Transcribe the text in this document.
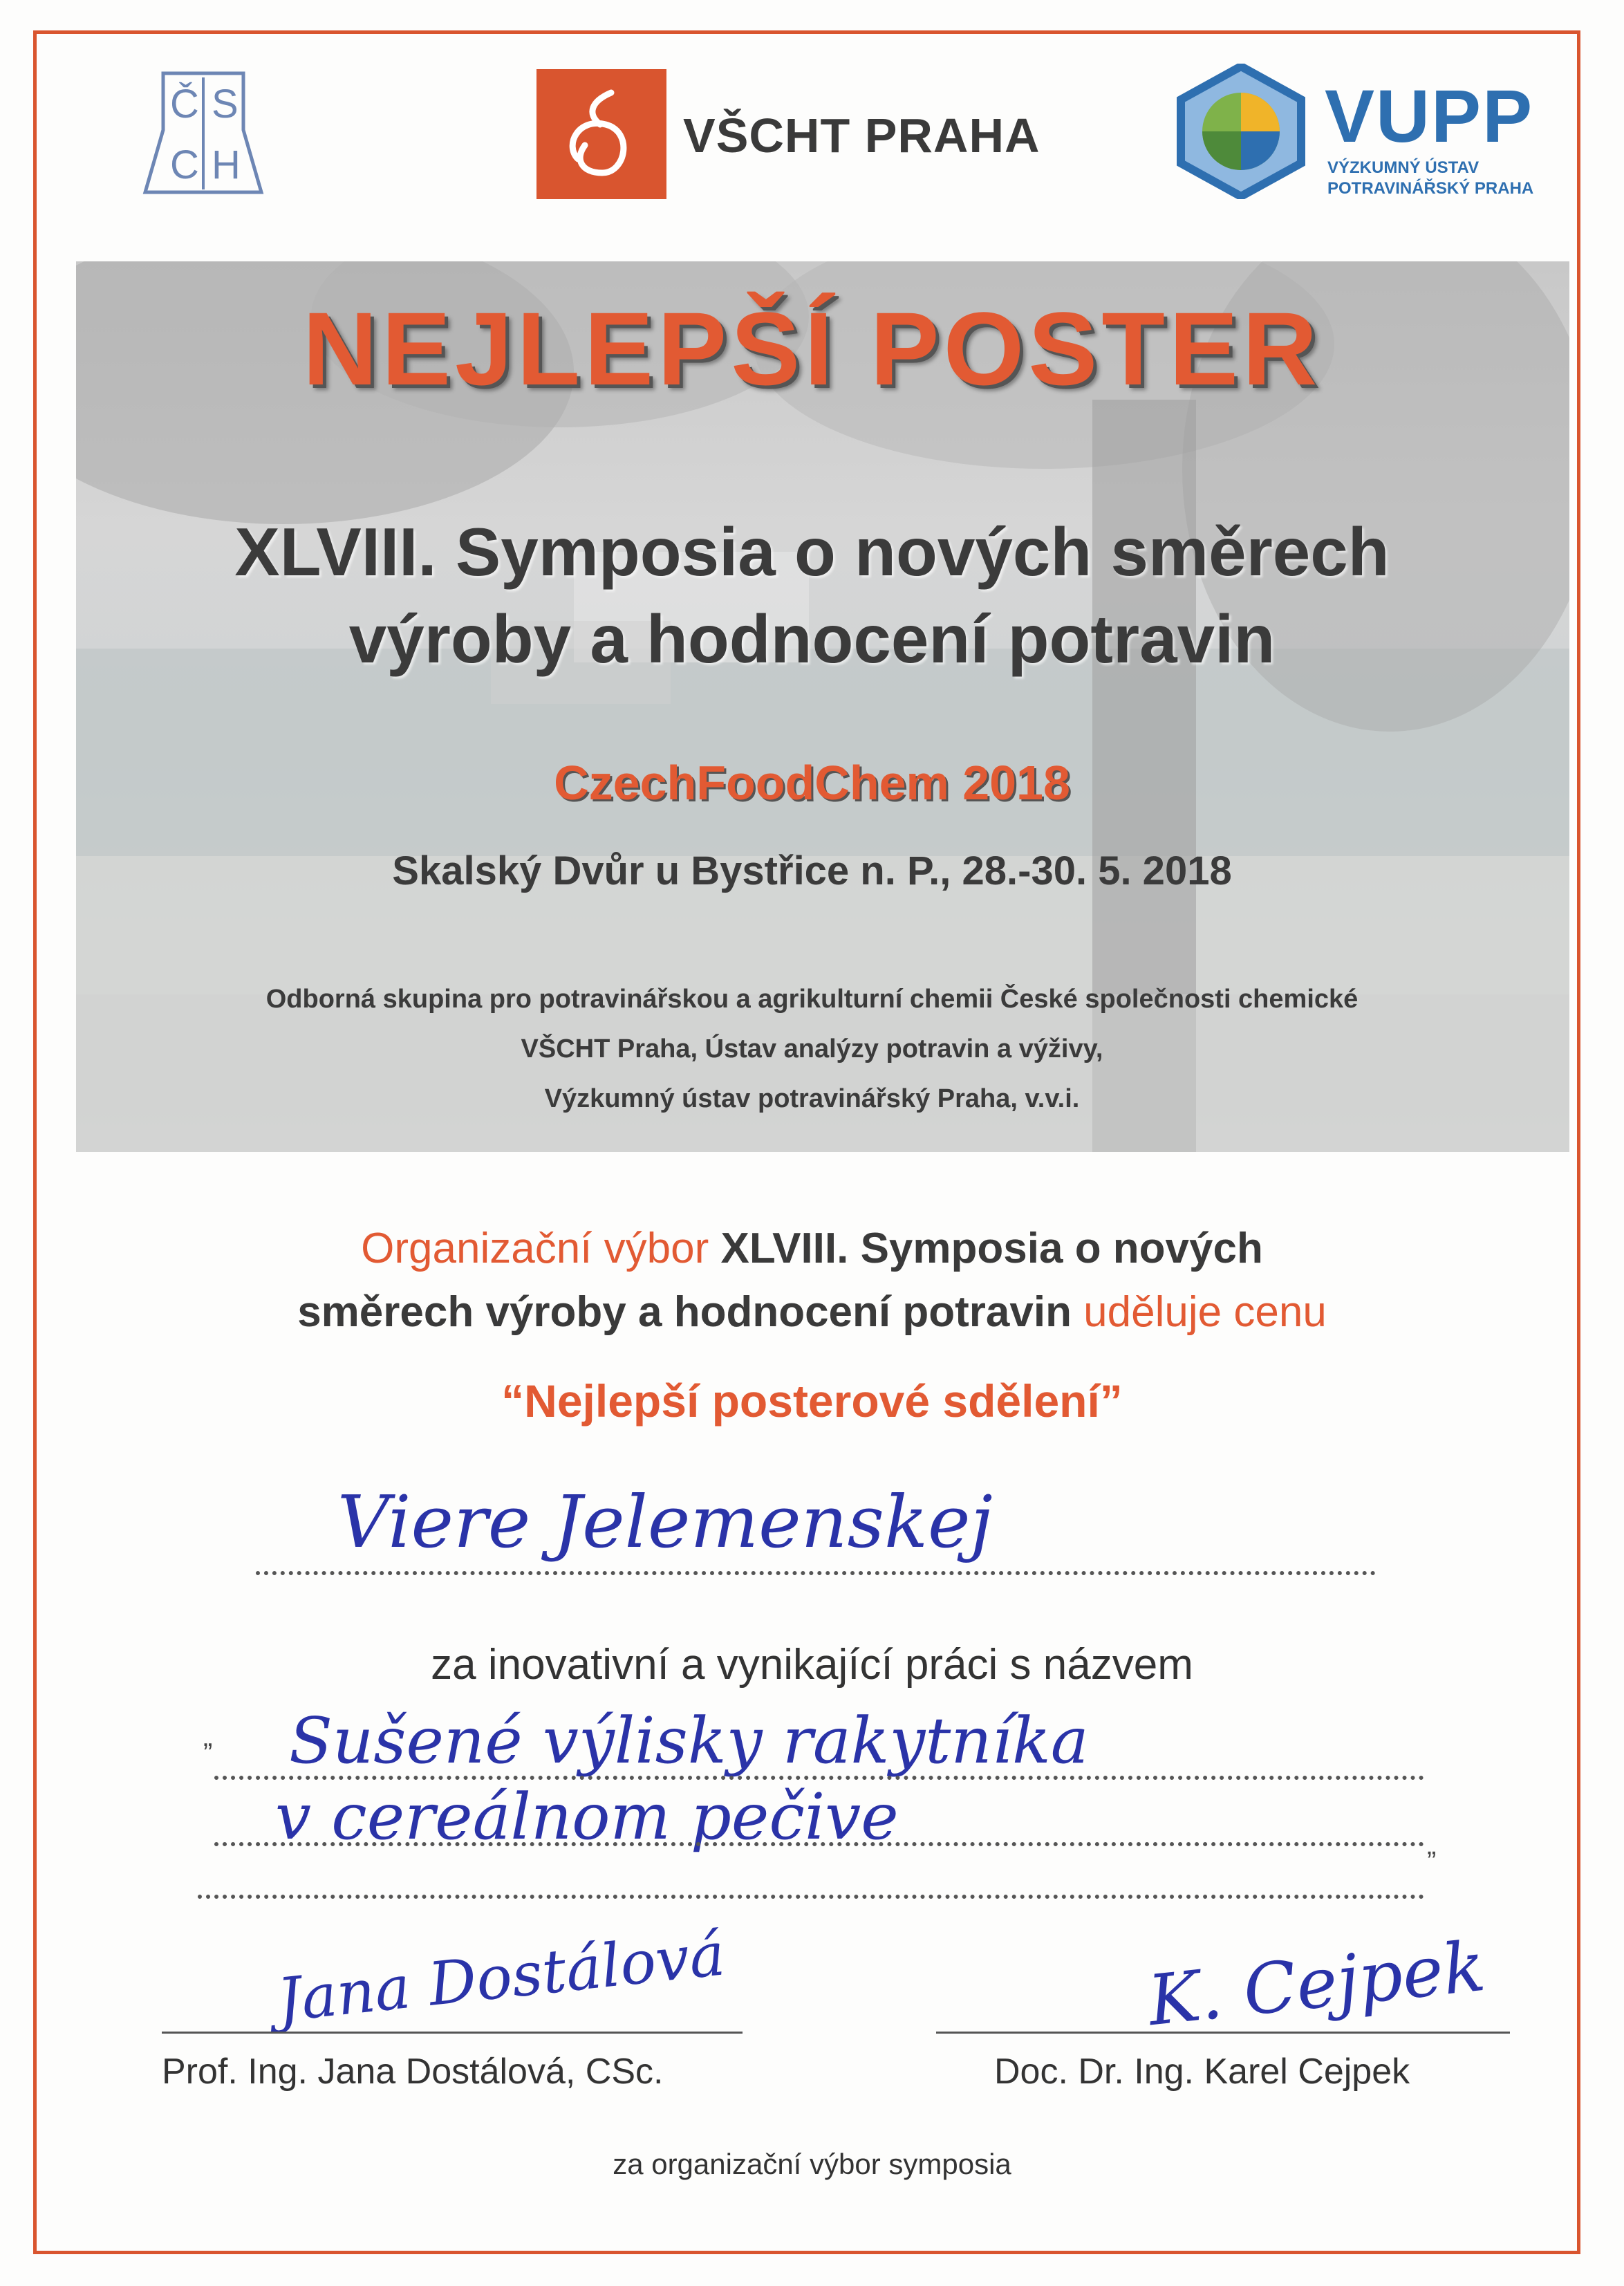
Č S
C H
VŠCHT PRAHA	VUPP
VÝZKUMNÝ ÚSTAV
POTRAVINÁŘSKÝ PRAHA
NEJLEPŠÍ POSTER
XLVIII. Symposia o nových směrech
výroby a hodnocení potravin
CzechFoodChem 2018
Skalský Dvůr u Bystřice n. P., 28.-30. 5. 2018
Odborná skupina pro potravinářskou a agrikulturní chemii České společnosti chemické
VŠCHT Praha, Ústav analýzy potravin a výživy,
Výzkumný ústav potravinářský Praha, v.v.i.
Organizační výbor XLVIII. Symposia o nových
směrech výroby a hodnocení potravin uděluje cenu
“Nejlepší posterové sdělení”
Viere Jelemenskej
za inovativní a vynikající práci s názvem
„ Sušené výlisky rakytníka
v cereálnom pečive
”
Jana Dostálová
Prof. Ing. Jana Dostálová, CSc.
K. Cejpek
Doc. Dr. Ing. Karel Cejpek
za organizační výbor symposia
